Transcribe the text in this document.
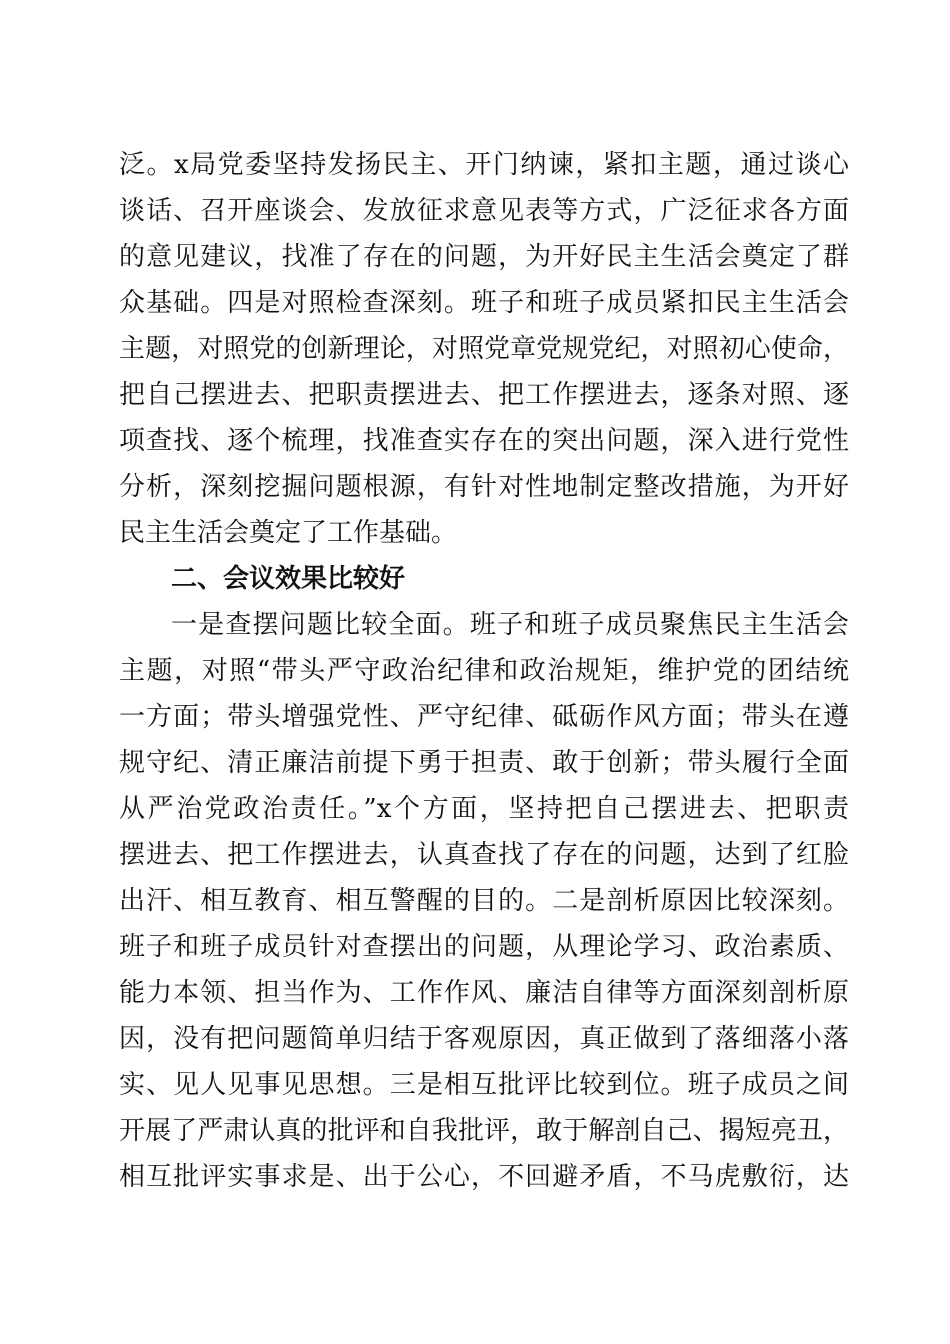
泛。x局党委坚持发扬民主、开门纳谏，紧扣主题，通过谈心
谈话、召开座谈会、发放征求意见表等方式，广泛征求各方面
的意见建议，找准了存在的问题，为开好民主生活会奠定了群
众基础。四是对照检查深刻。班子和班子成员紧扣民主生活会
主题，对照党的创新理论，对照党章党规党纪，对照初心使命，
把自己摆进去、把职责摆进去、把工作摆进去，逐条对照、逐
项查找、逐个梳理，找准查实存在的突出问题，深入进行党性
分析，深刻挖掘问题根源，有针对性地制定整改措施，为开好
民主生活会奠定了工作基础。
二、会议效果比较好
一是查摆问题比较全面。班子和班子成员聚焦民主生活会
主题，对照“带头严守政治纪律和政治规矩，维护党的团结统
一方面；带头增强党性、严守纪律、砥砺作风方面；带头在遵
规守纪、清正廉洁前提下勇于担责、敢于创新；带头履行全面
从严治党政治责任。”x个方面，坚持把自己摆进去、把职责
摆进去、把工作摆进去，认真查找了存在的问题，达到了红脸
出汗、相互教育、相互警醒的目的。二是剖析原因比较深刻。
班子和班子成员针对查摆出的问题，从理论学习、政治素质、
能力本领、担当作为、工作作风、廉洁自律等方面深刻剖析原
因，没有把问题简单归结于客观原因，真正做到了落细落小落
实、见人见事见思想。三是相互批评比较到位。班子成员之间
开展了严肃认真的批评和自我批评，敢于解剖自己、揭短亮丑，
相互批评实事求是、出于公心，不回避矛盾，不马虎敷衍，达
